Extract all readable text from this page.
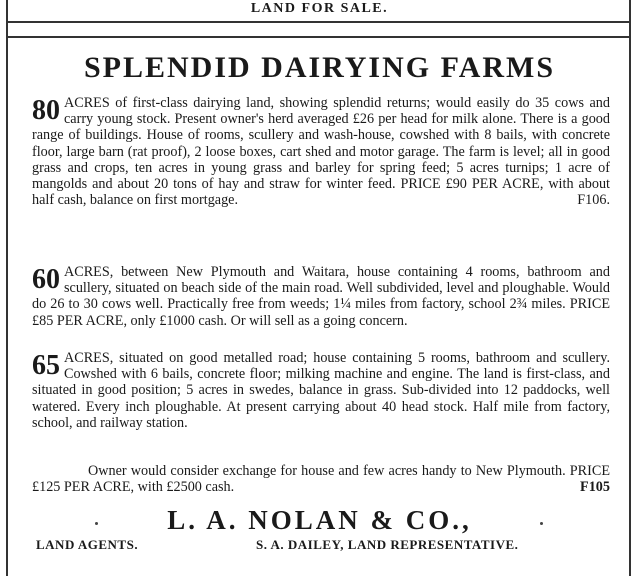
LAND FOR SALE.
SPLENDID DAIRYING FARMS
80 ACRES of first-class dairying land, showing splendid returns; would easily do 35 cows and carry young stock. Present owner's herd averaged £26 per head for milk alone. There is a good range of buildings. House of rooms, scullery and wash-house, cowshed with 8 bails, with concrete floor, large barn (rat proof), 2 loose boxes, cart shed and motor garage. The farm is level; all in good grass and crops, ten acres in young grass and barley for spring feed; 5 acres turnips; 1 acre of mangolds and about 20 tons of hay and straw for winter feed. PRICE £90 PER ACRE, with about half cash, balance on first mortgage.	F106.
60 ACRES, between New Plymouth and Waitara, house containing 4 rooms, bathroom and scullery, situated on beach side of the main road. Well subdivided, level and ploughable. Would do 26 to 30 cows well. Practically free from weeds; 1¼ miles from factory, school 2¾ miles. PRICE £85 PER ACRE, only £1000 cash. Or will sell as a going concern.
65 ACRES, situated on good metalled road; house containing 5 rooms, bathroom and scullery. Cowshed with 6 bails, concrete floor; milking machine and engine. The land is first-class, and situated in good position; 5 acres in swedes, balance in grass. Sub-divided into 12 paddocks, well watered. Every inch ploughable. At present carrying about 40 head stock. Half mile from factory, school, and railway station.
Owner would consider exchange for house and few acres handy to New Plymouth. PRICE £125 PER ACRE, with £2500 cash.	F105
L. A. NOLAN & CO.,
LAND AGENTS.	S. A. DAILEY, LAND REPRESENTATIVE.
